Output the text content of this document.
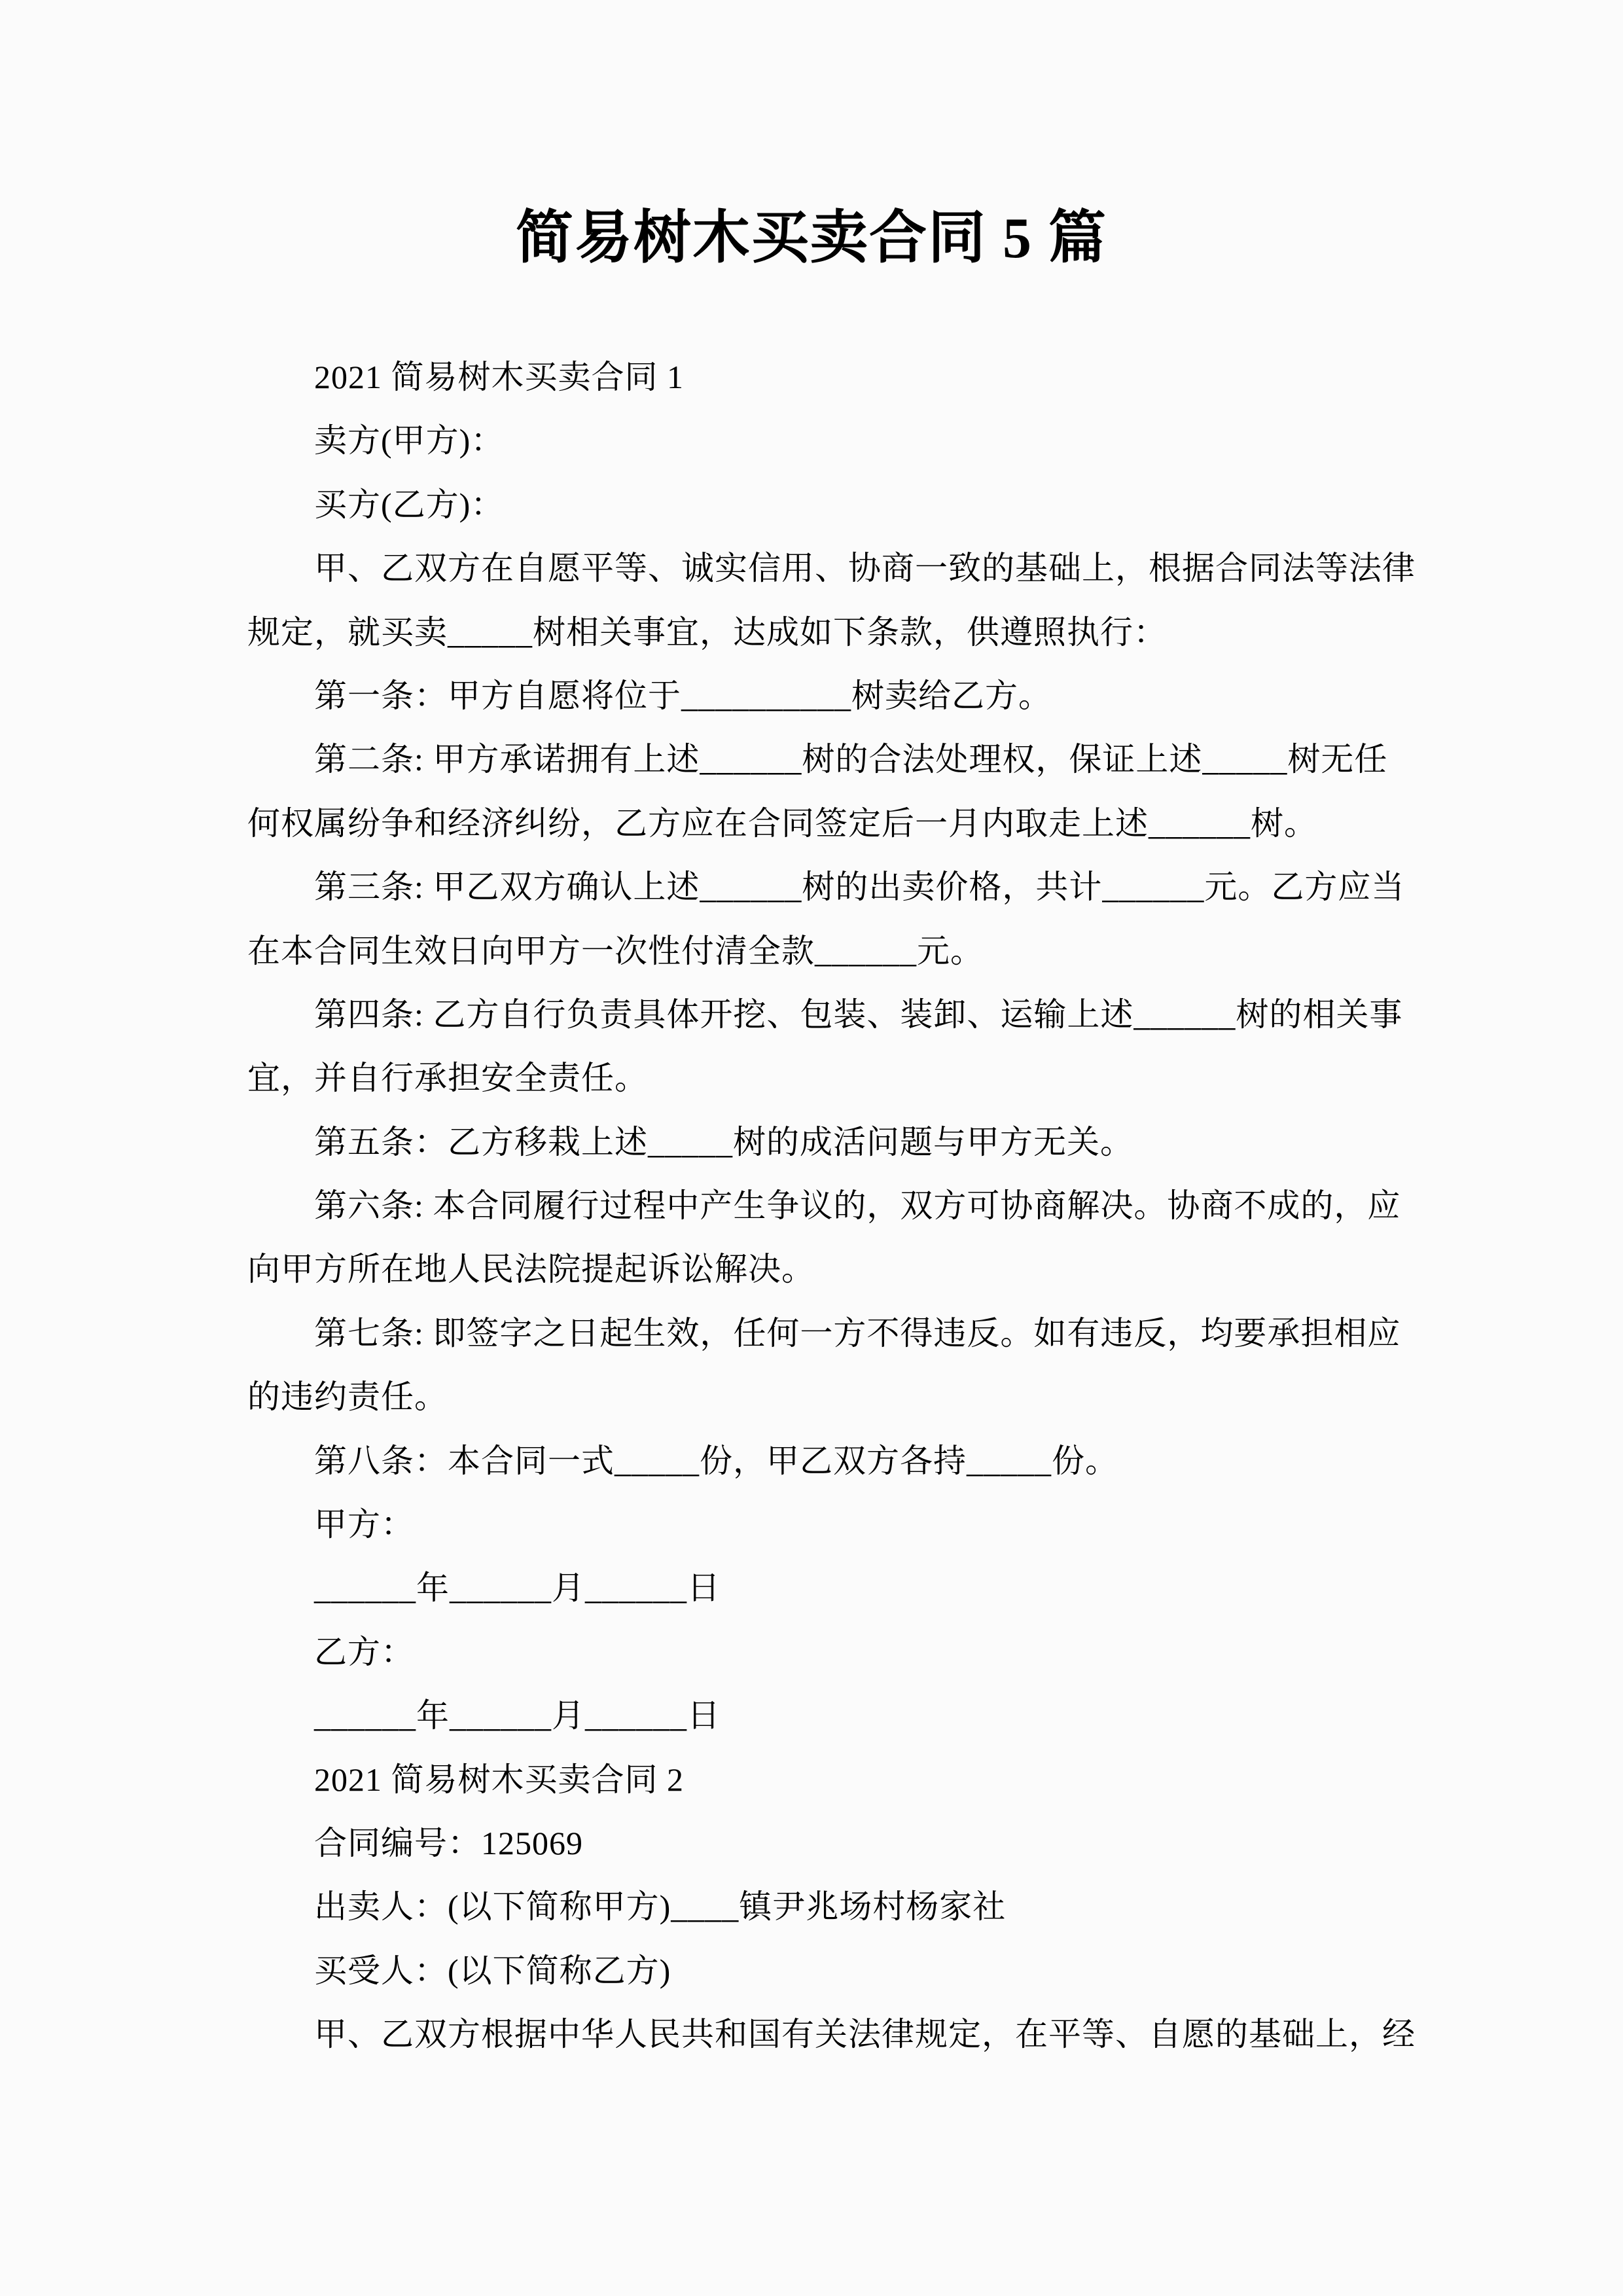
简易树木买卖合同 5 篇
2021 简易树木买卖合同 1
卖方(甲方)：
买方(乙方)：
甲、乙双方在自愿平等、诚实信用、协商一致的基础上，根据合同法等法律
规定，就买卖_____树相关事宜，达成如下条款，供遵照执行：
第一条：甲方自愿将位于__________树卖给乙方。
第二条: 甲方承诺拥有上述______树的合法处理权，保证上述_____树无任
何权属纷争和经济纠纷，乙方应在合同签定后一月内取走上述______树。
第三条: 甲乙双方确认上述______树的出卖价格，共计______元。乙方应当
在本合同生效日向甲方一次性付清全款______元。
第四条: 乙方自行负责具体开挖、包装、装卸、运输上述______树的相关事
宜，并自行承担安全责任。
第五条：乙方移栽上述_____树的成活问题与甲方无关。
第六条: 本合同履行过程中产生争议的，双方可协商解决。协商不成的，应
向甲方所在地人民法院提起诉讼解决。
第七条: 即签字之日起生效，任何一方不得违反。如有违反，均要承担相应
的违约责任。
第八条：本合同一式_____份，甲乙双方各持_____份。
甲方：
______年______月______日
乙方：
______年______月______日
2021 简易树木买卖合同 2
合同编号：125069
出卖人：(以下简称甲方)____镇尹兆场村杨家社
买受人：(以下简称乙方)
甲、乙双方根据中华人民共和国有关法律规定，在平等、自愿的基础上，经
